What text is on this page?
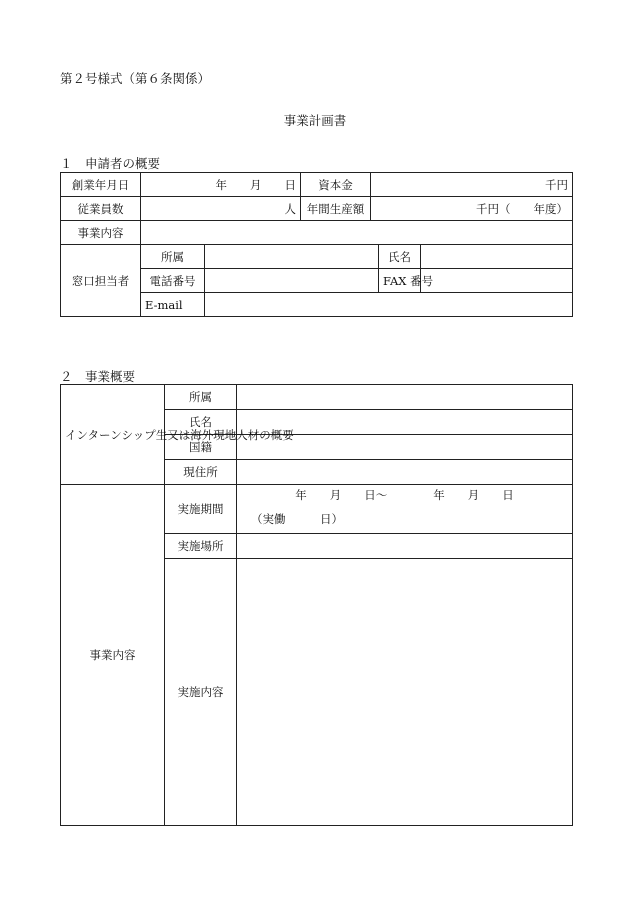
第２号様式（第６条関係）
事業計画書
１　申請者の概要
創業年月日	年　　月　　日		資本金	千円		
従業員数	人		年間生産額	千円（　　年度）		
事業内容						
窓口担当者	所属				氏名	
	電話番号				FAX 番号	
	E-mail					
２　事業概要
インターンシップ生又は海外現地人材の概要	所属	
	氏名	
	国籍	
	現住所	
事業内容	実施期間	年　　月　　日～　　　　年　　月　　日
（実働　　　日）

	実施場所	
	実施内容	
